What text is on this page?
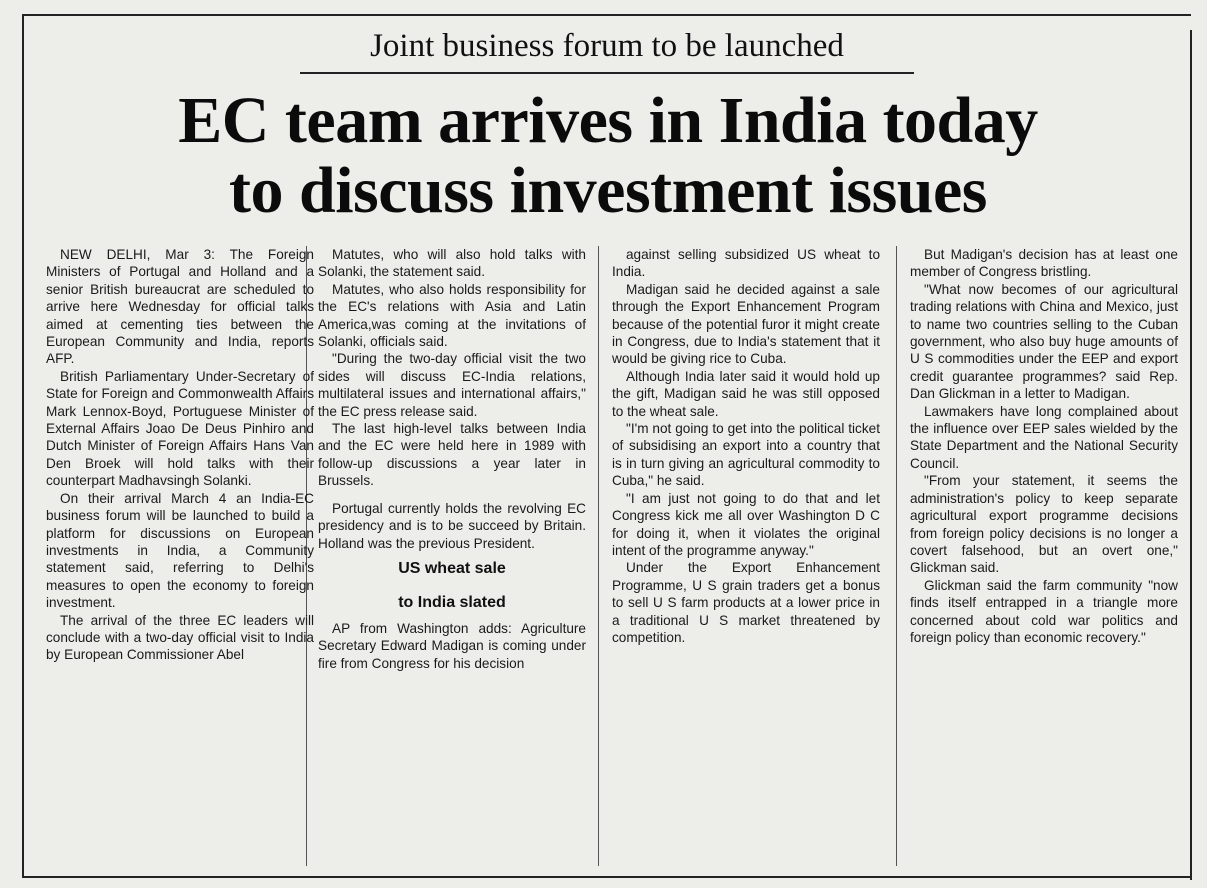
Joint business forum to be launched
EC team arrives in India today
to discuss investment issues

NEW DELHI, Mar 3: The Foreign Ministers of Portugal and Holland and a senior British bureaucrat are scheduled to arrive here Wednesday for official talks aimed at cementing ties between the European Community and India, reports AFP.

British Parliamentary Under-Secretary of State for Foreign and Commonwealth Affairs Mark Lennox-Boyd, Portuguese Minister of External Affairs Joao De Deus Pinhiro and Dutch Minister of Foreign Affairs Hans Van Den Broek will hold talks with their counterpart Madhavsingh Solanki.

On their arrival March 4 an India-EC business forum will be launched to build a platform for discussions on European investments in India, a Community statement said, referring to Delhi's measures to open the economy to foreign investment.

The arrival of the three EC leaders will conclude with a two-day official visit to India by European Commissioner Abel

Matutes, who will also hold talks with Solanki, the statement said.

Matutes, who also holds responsibility for the EC's relations with Asia and Latin America,was coming at the invitations of Solanki, officials said.

"During the two-day official visit the two sides will discuss EC-India relations, multilateral issues and international affairs," the EC press release said.

The last high-level talks between India and the EC were held here in 1989 with follow-up discussions a year later in Brussels.

Portugal currently holds the revolving EC presidency and is to be succeed by Britain. Holland was the previous President.

US wheat sale

to India slated

AP from Washington adds: Agriculture Secretary Edward Madigan is coming under fire from Congress for his decision

against selling subsidized US wheat to India.

Madigan said he decided against a sale through the Export Enhancement Program because of the potential furor it might create in Congress, due to India's statement that it would be giving rice to Cuba.

Although India later said it would hold up the gift, Madigan said he was still opposed to the wheat sale.

"I'm not going to get into the political ticket of subsidising an export into a country that is in turn giving an agricultural commodity to Cuba," he said.

"I am just not going to do that and let Congress kick me all over Washington D C for doing it, when it violates the original intent of the programme anyway."

Under the Export Enhancement Programme, U S grain traders get a bonus to sell U S farm products at a lower price in a traditional U S market threatened by competition.

But Madigan's decision has at least one member of Congress bristling.

"What now becomes of our agricultural trading relations with China and Mexico, just to name two countries selling to the Cuban government, who also buy huge amounts of U S commodities under the EEP and export credit guarantee programmes? said Rep. Dan Glickman in a letter to Madigan.

Lawmakers have long complained about the influence over EEP sales wielded by the State Department and the National Security Council.

"From your statement, it seems the administration's policy to keep separate agricultural export programme decisions from foreign policy decisions is no longer a covert falsehood, but an overt one," Glickman said.

Glickman said the farm community "now finds itself entrapped in a triangle more concerned about cold war politics and foreign policy than economic recovery."
